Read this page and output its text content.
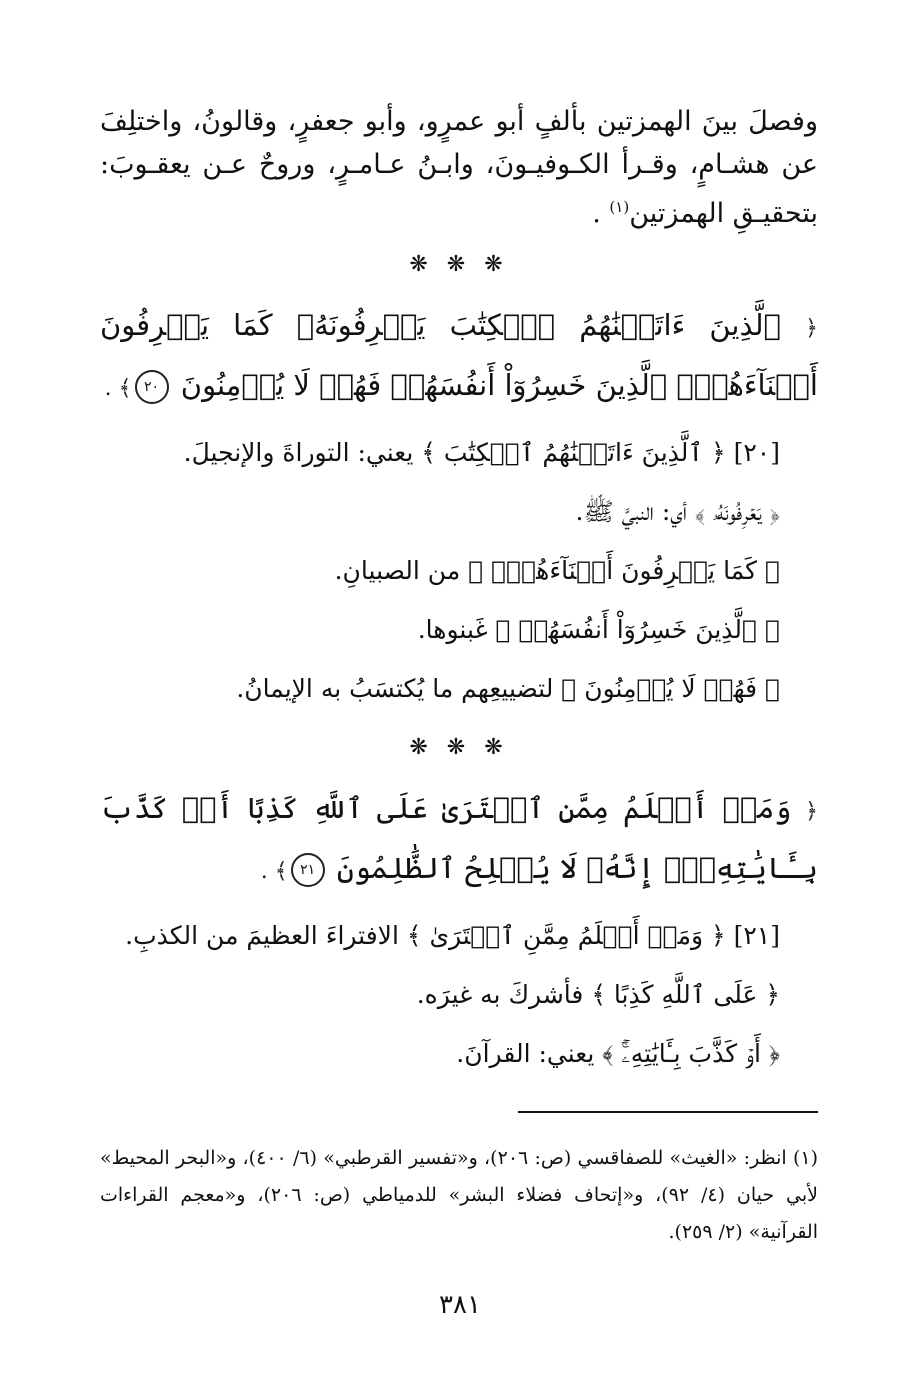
وفصلَ بينَ الهمزتين بألفٍ أبو عمرٍو، وأبو جعفرٍ، وقالونُ، واختلِفَ عن هشـامٍ، وقـرأ الكـوفيـونَ، وابـنُ عـامـرٍ، وروحٌ عـن يعقـوبَ: بتحقيـقِ الهمزتين$^{(١)}$ .

❋ ❋ ❋

﴿ ٱلَّذِينَ ءَاتَيۡنَٰهُمُ ٱلۡكِتَٰبَ يَعۡرِفُونَهُۥ كَمَا يَعۡرِفُونَ أَبۡنَآءَهُمُۘ ٱلَّذِينَ خَسِرُوٓاْ أَنفُسَهُمۡ فَهُمۡ لَا يُؤۡمِنُونَ ٢٠﴾ .

[٢٠] ﴿ ٱلَّذِينَ ءَاتَيۡنَٰهُمُ ٱلۡكِتَٰبَ ﴾ يعني: التوراةَ والإنجيلَ.

﴿ يَعۡرِفُونَهُۥ ﴾ أي: النبيَّ ﷺ.

﴿ كَمَا يَعۡرِفُونَ أَبۡنَآءَهُمُۘ ﴾ من الصبيانِ.

﴿ ٱلَّذِينَ خَسِرُوٓاْ أَنفُسَهُمۡ ﴾ غَبنوها.

﴿ فَهُمۡ لَا يُؤۡمِنُونَ ﴾ لتضييعِهم ما يُكتسَبُ به الإيمانُ.

❋ ❋ ❋

﴿ وَمَنۡ أَظۡلَمُ مِمَّنِ ٱفۡتَرَىٰ عَلَى ٱللَّهِ كَذِبًا أَوۡ كَذَّبَ بِـَٔايَٰتِهِۦٓۚ إِنَّهُۥ لَا يُفۡلِحُ ٱلظَّٰلِمُونَ ٢١﴾ .

[٢١] ﴿ وَمَنۡ أَظۡلَمُ مِمَّنِ ٱفۡتَرَىٰ ﴾ الافتراءَ العظيمَ من الكذبِ.

﴿ عَلَى ٱللَّهِ كَذِبًا ﴾ فأشركَ به غيرَه.

﴿ أَوۡ كَذَّبَ بِـَٔايَٰتِهِۦٓۚ ﴾ يعني: القرآنَ.

(١) انظر: «الغيث» للصفاقسي (ص: ٢٠٦)، و«تفسير القرطبي» (٦/ ٤٠٠)، و«البحر المحيط» لأبي حيان (٤/ ٩٢)، و«إتحاف فضلاء البشر» للدمياطي (ص: ٢٠٦)، و«معجم القراءات القرآنية» (٢/ ٢٥٩).
٣٨١
